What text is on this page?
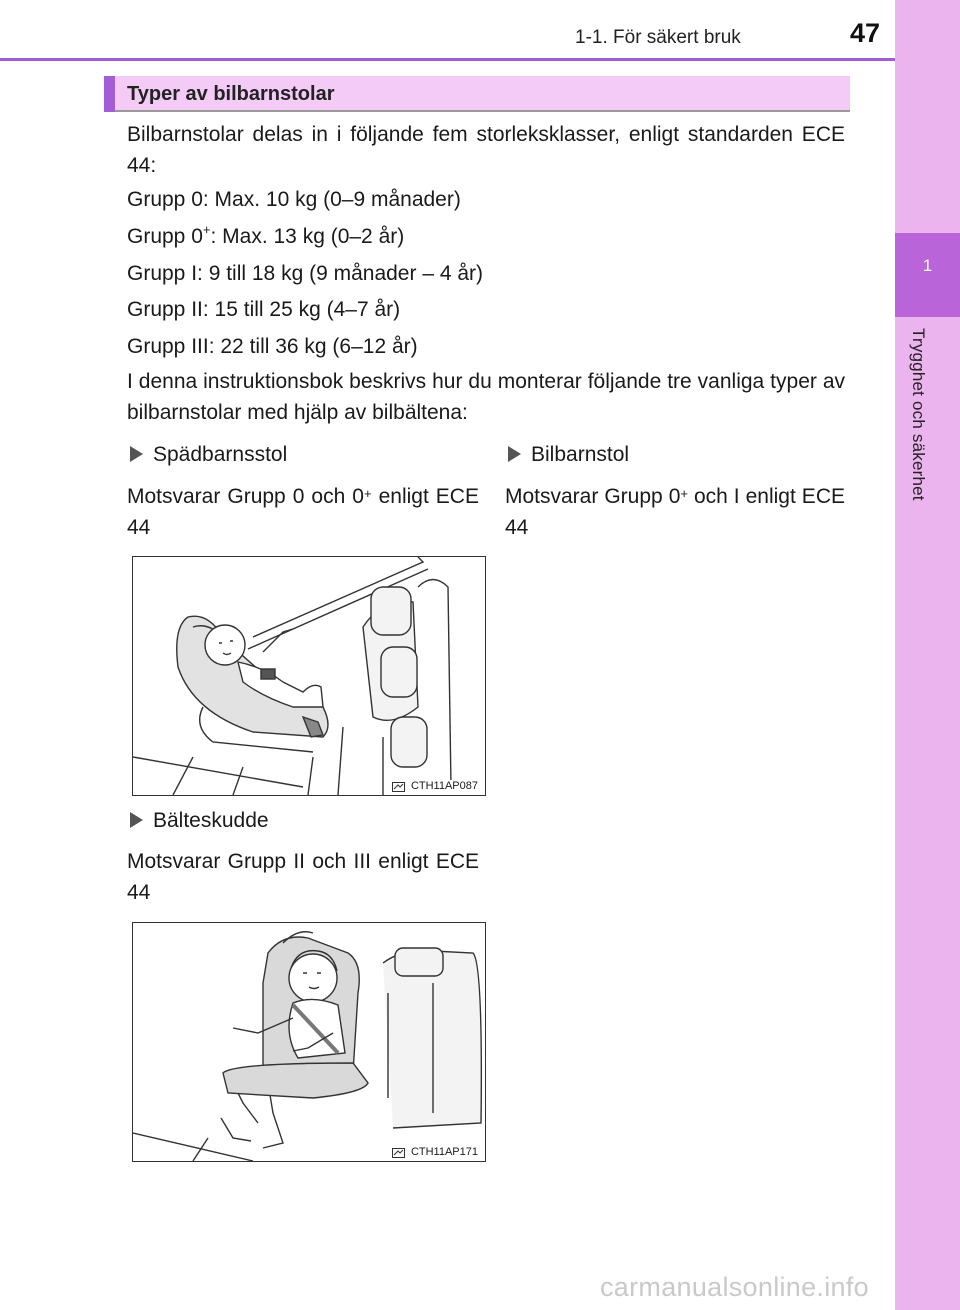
1
Trygghet och säkerhet
1-1. För säkert bruk	47
Typer av bilbarnstolar
Bilbarnstolar delas in i följande fem storleksklasser, enligt standarden ECE 44:
Grupp 0: Max. 10 kg (0–9 månader)
Grupp 0+: Max. 13 kg (0–2 år)
Grupp I: 9 till 18 kg (9 månader – 4 år)
Grupp II: 15 till 25 kg (4–7 år)
Grupp III: 22 till 36 kg (6–12 år)
I denna instruktionsbok beskrivs hur du monterar följande tre vanliga typer av bilbarnstolar med hjälp av bilbältena:
Spädbarnsstol
Motsvarar Grupp 0 och 0+ enligt ECE 44
Bilbarnstol
Motsvarar Grupp 0+ och I enligt ECE 44
CTH11AP087
Bälteskudde
Motsvarar Grupp II och III enligt ECE 44
CTH11AP171
carmanualsonline.info
